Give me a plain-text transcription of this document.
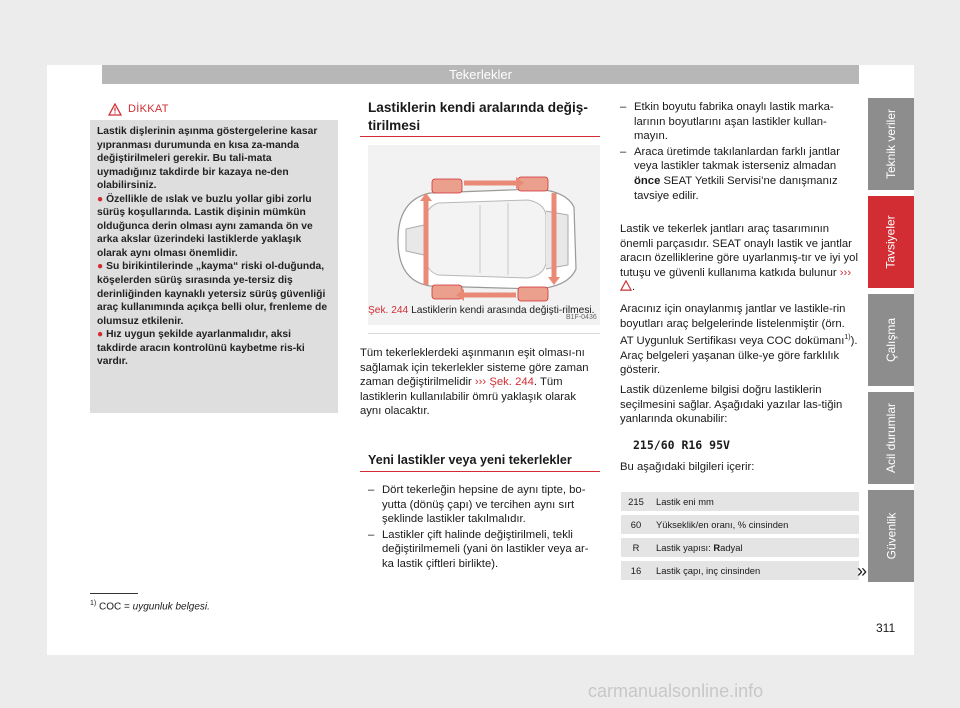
Tekerlekler
Teknik veriler
Tavsiyeler
Çalışma
Acil durumlar
Güvenlik
DİKKAT

Lastik dişlerinin aşınma göstergelerine kasar yıpranması durumunda en kısa za-manda değiştirilmeleri gerekir. Bu tali-mata uymadığınız takdirde bir kazaya ne-den olabilirsiniz.

● Özellikle de ıslak ve buzlu yollar gibi zorlu sürüş koşullarında. Lastik dişinin mümkün olduğunca derin olması aynı zamanda ön ve arka akslar üzerindeki lastiklerde yaklaşık olarak aynı olması önemlidir.

● Su birikintilerinde „kayma“ riski ol-duğunda, köşelerden sürüş sırasında ye-tersiz diş derinliğinden kaynaklı yetersiz sürüş güvenliği araç kullanımında açıkça belli olur, frenleme de olumsuz etkilenir.

● Hız uygun şekilde ayarlanmalıdır, aksi takdirde aracın kontrolünü kaybetme ris-ki vardır.

Lastiklerin kendi aralarında değiş-tirilmesi
B1F-0436
Şek. 244 Lastiklerin kendi arasında değişti-rilmesi.
Tüm tekerleklerdeki aşınmanın eşit olması-nı sağlamak için tekerlekler sisteme göre zaman zaman değiştirilmelidir ››› Şek. 244. Tüm lastiklerin kullanılabilir ömrü yaklaşık olarak aynı olacaktır.
Yeni lastikler veya yeni tekerlekler
– Dört tekerleğin hepsine de aynı tipte, bo-yutta (dönüş çapı) ve tercihen aynı sırt şeklinde lastikler takılmalıdır.
– Lastikler çift halinde değiştirilmeli, tekli değiştirilmemeli (yani ön lastikler veya ar-ka lastik çiftleri birlikte).
– Etkin boyutu fabrika onaylı lastik marka-larının boyutlarını aşan lastikler kullan-mayın.
– Araca üretimde takılanlardan farklı jantlar veya lastikler takmak isterseniz almadan önce SEAT Yetkili Servisi’ne danışmanız tavsiye edilir.
Lastik ve tekerlek jantları araç tasarımının önemli parçasıdır. SEAT onaylı lastik ve jantlar aracın özelliklerine göre uyarlanmış-tır ve iyi yol tutuşu ve güvenli kullanıma katkıda bulunur ››› .
Aracınız için onaylanmış jantlar ve lastikle-rin boyutları araç belgelerinde listelenmiştir (örn. AT Uygunluk Sertifikası veya COC dokümanı$^{1)}$). Araç belgeleri yaşanan ülke-ye göre farklılık gösterir.
Lastik düzenleme bilgisi doğru lastiklerin seçilmesini sağlar. Aşağıdaki yazılar las-tiğin yanlarında okunabilir:
215/60 R16 95V
Bu aşağıdaki bilgileri içerir:
215	Lastik eni mm
60	Yükseklik/en oranı, % cinsinden
R	Lastik yapısı: Radyal
16	Lastik çapı, inç cinsinden	»
$^{1)}$ COC = uygunluk belgesi.
311
carmanualsonline.info
